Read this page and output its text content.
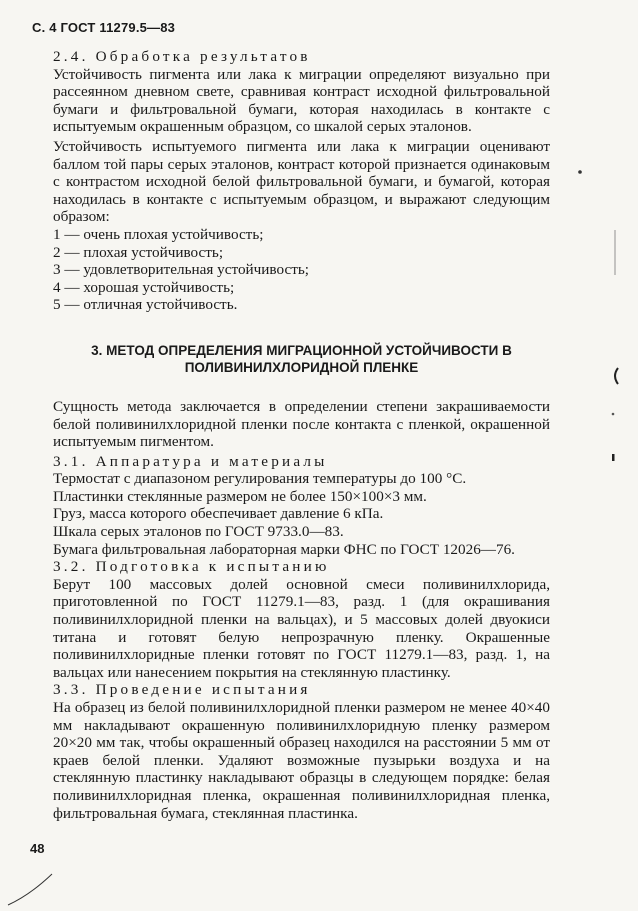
С. 4 ГОСТ 11279.5—83

2.4. Обработка результатов

Устойчивость пигмента или лака к миграции определяют визуально при рассеянном дневном свете, сравнивая контраст исходной фильтровальной бумаги и фильтровальной бумаги, которая находилась в контакте с испытуемым окрашенным образцом, со шкалой серых эталонов.

Устойчивость испытуемого пигмента или лака к миграции оценивают баллом той пары серых эталонов, контраст которой признается одинаковым с контрастом исходной белой фильтровальной бумаги, и бумагой, которая находилась в контакте с испытуемым образцом, и выражают следующим образом:

1 — очень плохая устойчивость;

2 — плохая устойчивость;

3 — удовлетворительная устойчивость;

4 — хорошая устойчивость;

5 — отличная устойчивость.

3. МЕТОД ОПРЕДЕЛЕНИЯ МИГРАЦИОННОЙ УСТОЙЧИВОСТИ В
ПОЛИВИНИЛХЛОРИДНОЙ ПЛЕНКЕ

Сущность метода заключается в определении степени закрашиваемости белой поливинилхлоридной пленки после контакта с пленкой, окрашенной испытуемым пигментом.

3.1. Аппаратура и материалы

Термостат с диапазоном регулирования температуры до 100 °С.

Пластинки стеклянные размером не более 150×100×3 мм.

Груз, масса которого обеспечивает давление 6 кПа.

Шкала серых эталонов по ГОСТ 9733.0—83.

Бумага фильтровальная лабораторная марки ФНС по ГОСТ 12026—76.

3.2. Подготовка к испытанию

Берут 100 массовых долей основной смеси поливинилхлорида, приготовленной по ГОСТ 11279.1—83, разд. 1 (для окрашивания поливинилхлоридной пленки на вальцах), и 5 массовых долей двуокиси титана и готовят белую непрозрачную пленку. Окрашенные поливинилхлоридные пленки готовят по ГОСТ 11279.1—83, разд. 1, на вальцах или нанесением покрытия на стеклянную пластинку.

3.3. Проведение испытания

На образец из белой поливинилхлоридной пленки размером не менее 40×40 мм накладывают окрашенную поливинилхлоридную пленку размером 20×20 мм так, чтобы окрашенный образец находился на расстоянии 5 мм от краев белой пленки. Удаляют возможные пузырьки воздуха и на стеклянную пластинку накладывают образцы в следующем порядке: белая поливинилхлоридная пленка, окрашенная поливинилхлоридная пленка, фильтровальная бумага, стеклянная пластинка.

48
